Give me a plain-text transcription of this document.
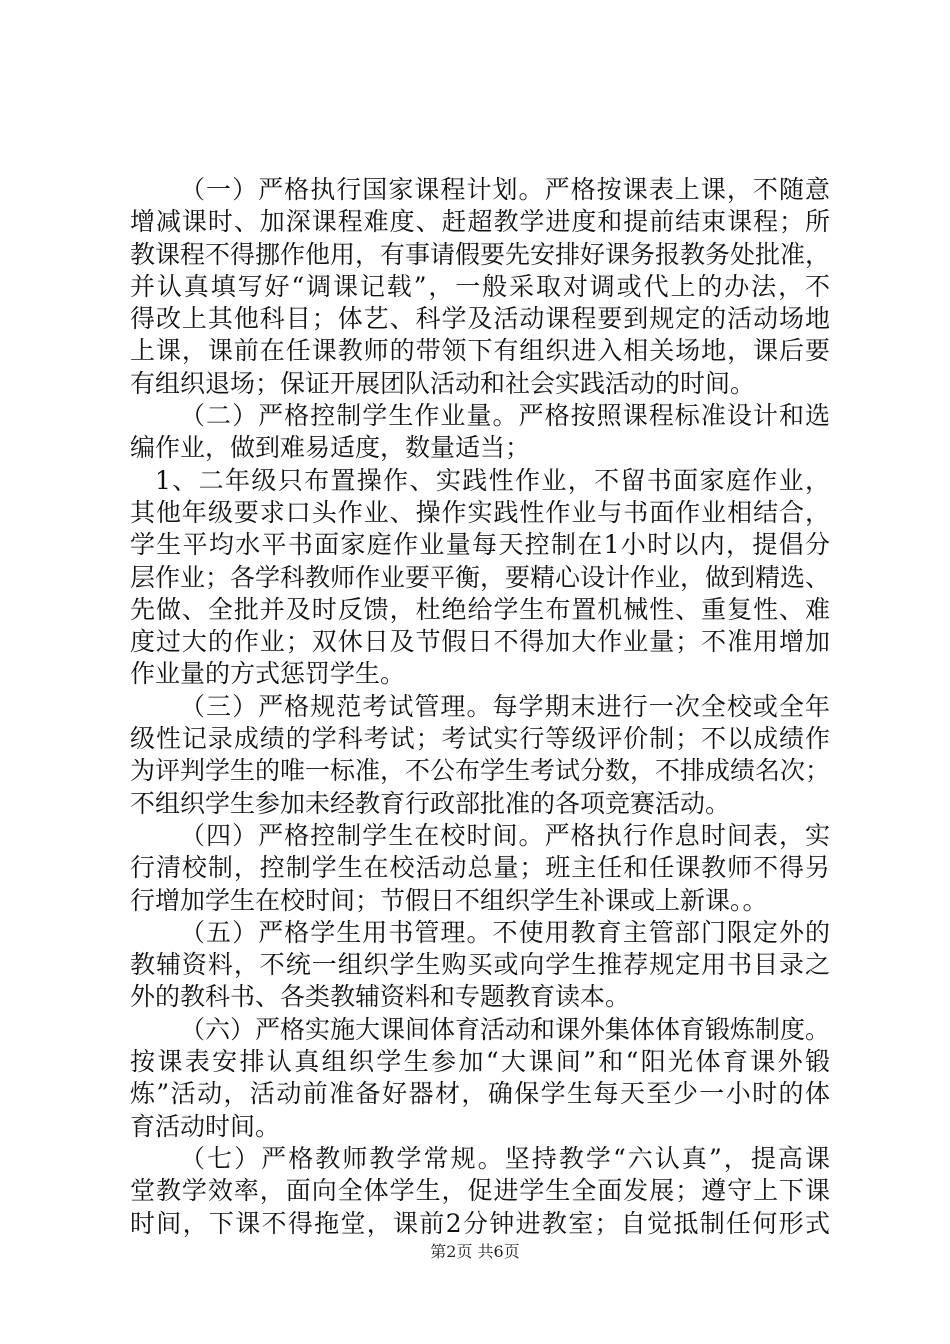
（一）严格执行国家课程计划。严格按课表上课，不随意
增减课时、加深课程难度、赶超教学进度和提前结束课程；所
教课程不得挪作他用，有事请假要先安排好课务报教务处批准，
并认真填写好“调课记载”，一般采取对调或代上的办法，不
得改上其他科目；体艺、科学及活动课程要到规定的活动场地
上课，课前在任课教师的带领下有组织进入相关场地，课后要
有组织退场；保证开展团队活动和社会实践活动的时间。
（二）严格控制学生作业量。严格按照课程标准设计和选
编作业，做到难易适度，数量适当；
1、二年级只布置操作、实践性作业，不留书面家庭作业，
其他年级要求口头作业、操作实践性作业与书面作业相结合，
学生平均水平书面家庭作业量每天控制在1小时以内，提倡分
层作业；各学科教师作业要平衡，要精心设计作业，做到精选、
先做、全批并及时反馈，杜绝给学生布置机械性、重复性、难
度过大的作业；双休日及节假日不得加大作业量；不准用增加
作业量的方式惩罚学生。
（三）严格规范考试管理。每学期末进行一次全校或全年
级性记录成绩的学科考试；考试实行等级评价制；不以成绩作
为评判学生的唯一标准，不公布学生考试分数，不排成绩名次；
不组织学生参加未经教育行政部批准的各项竞赛活动。
（四）严格控制学生在校时间。严格执行作息时间表，实
行清校制，控制学生在校活动总量；班主任和任课教师不得另
行增加学生在校时间；节假日不组织学生补课或上新课。。
（五）严格学生用书管理。不使用教育主管部门限定外的
教辅资料，不统一组织学生购买或向学生推荐规定用书目录之
外的教科书、各类教辅资料和专题教育读本。
（六）严格实施大课间体育活动和课外集体体育锻炼制度。
按课表安排认真组织学生参加“大课间”和“阳光体育课外锻
炼”活动，活动前准备好器材，确保学生每天至少一小时的体
育活动时间。
（七）严格教师教学常规。坚持教学“六认真”，提高课
堂教学效率，面向全体学生，促进学生全面发展；遵守上下课
时间，下课不得拖堂，课前2分钟进教室；自觉抵制任何形式
第2页 共6页
